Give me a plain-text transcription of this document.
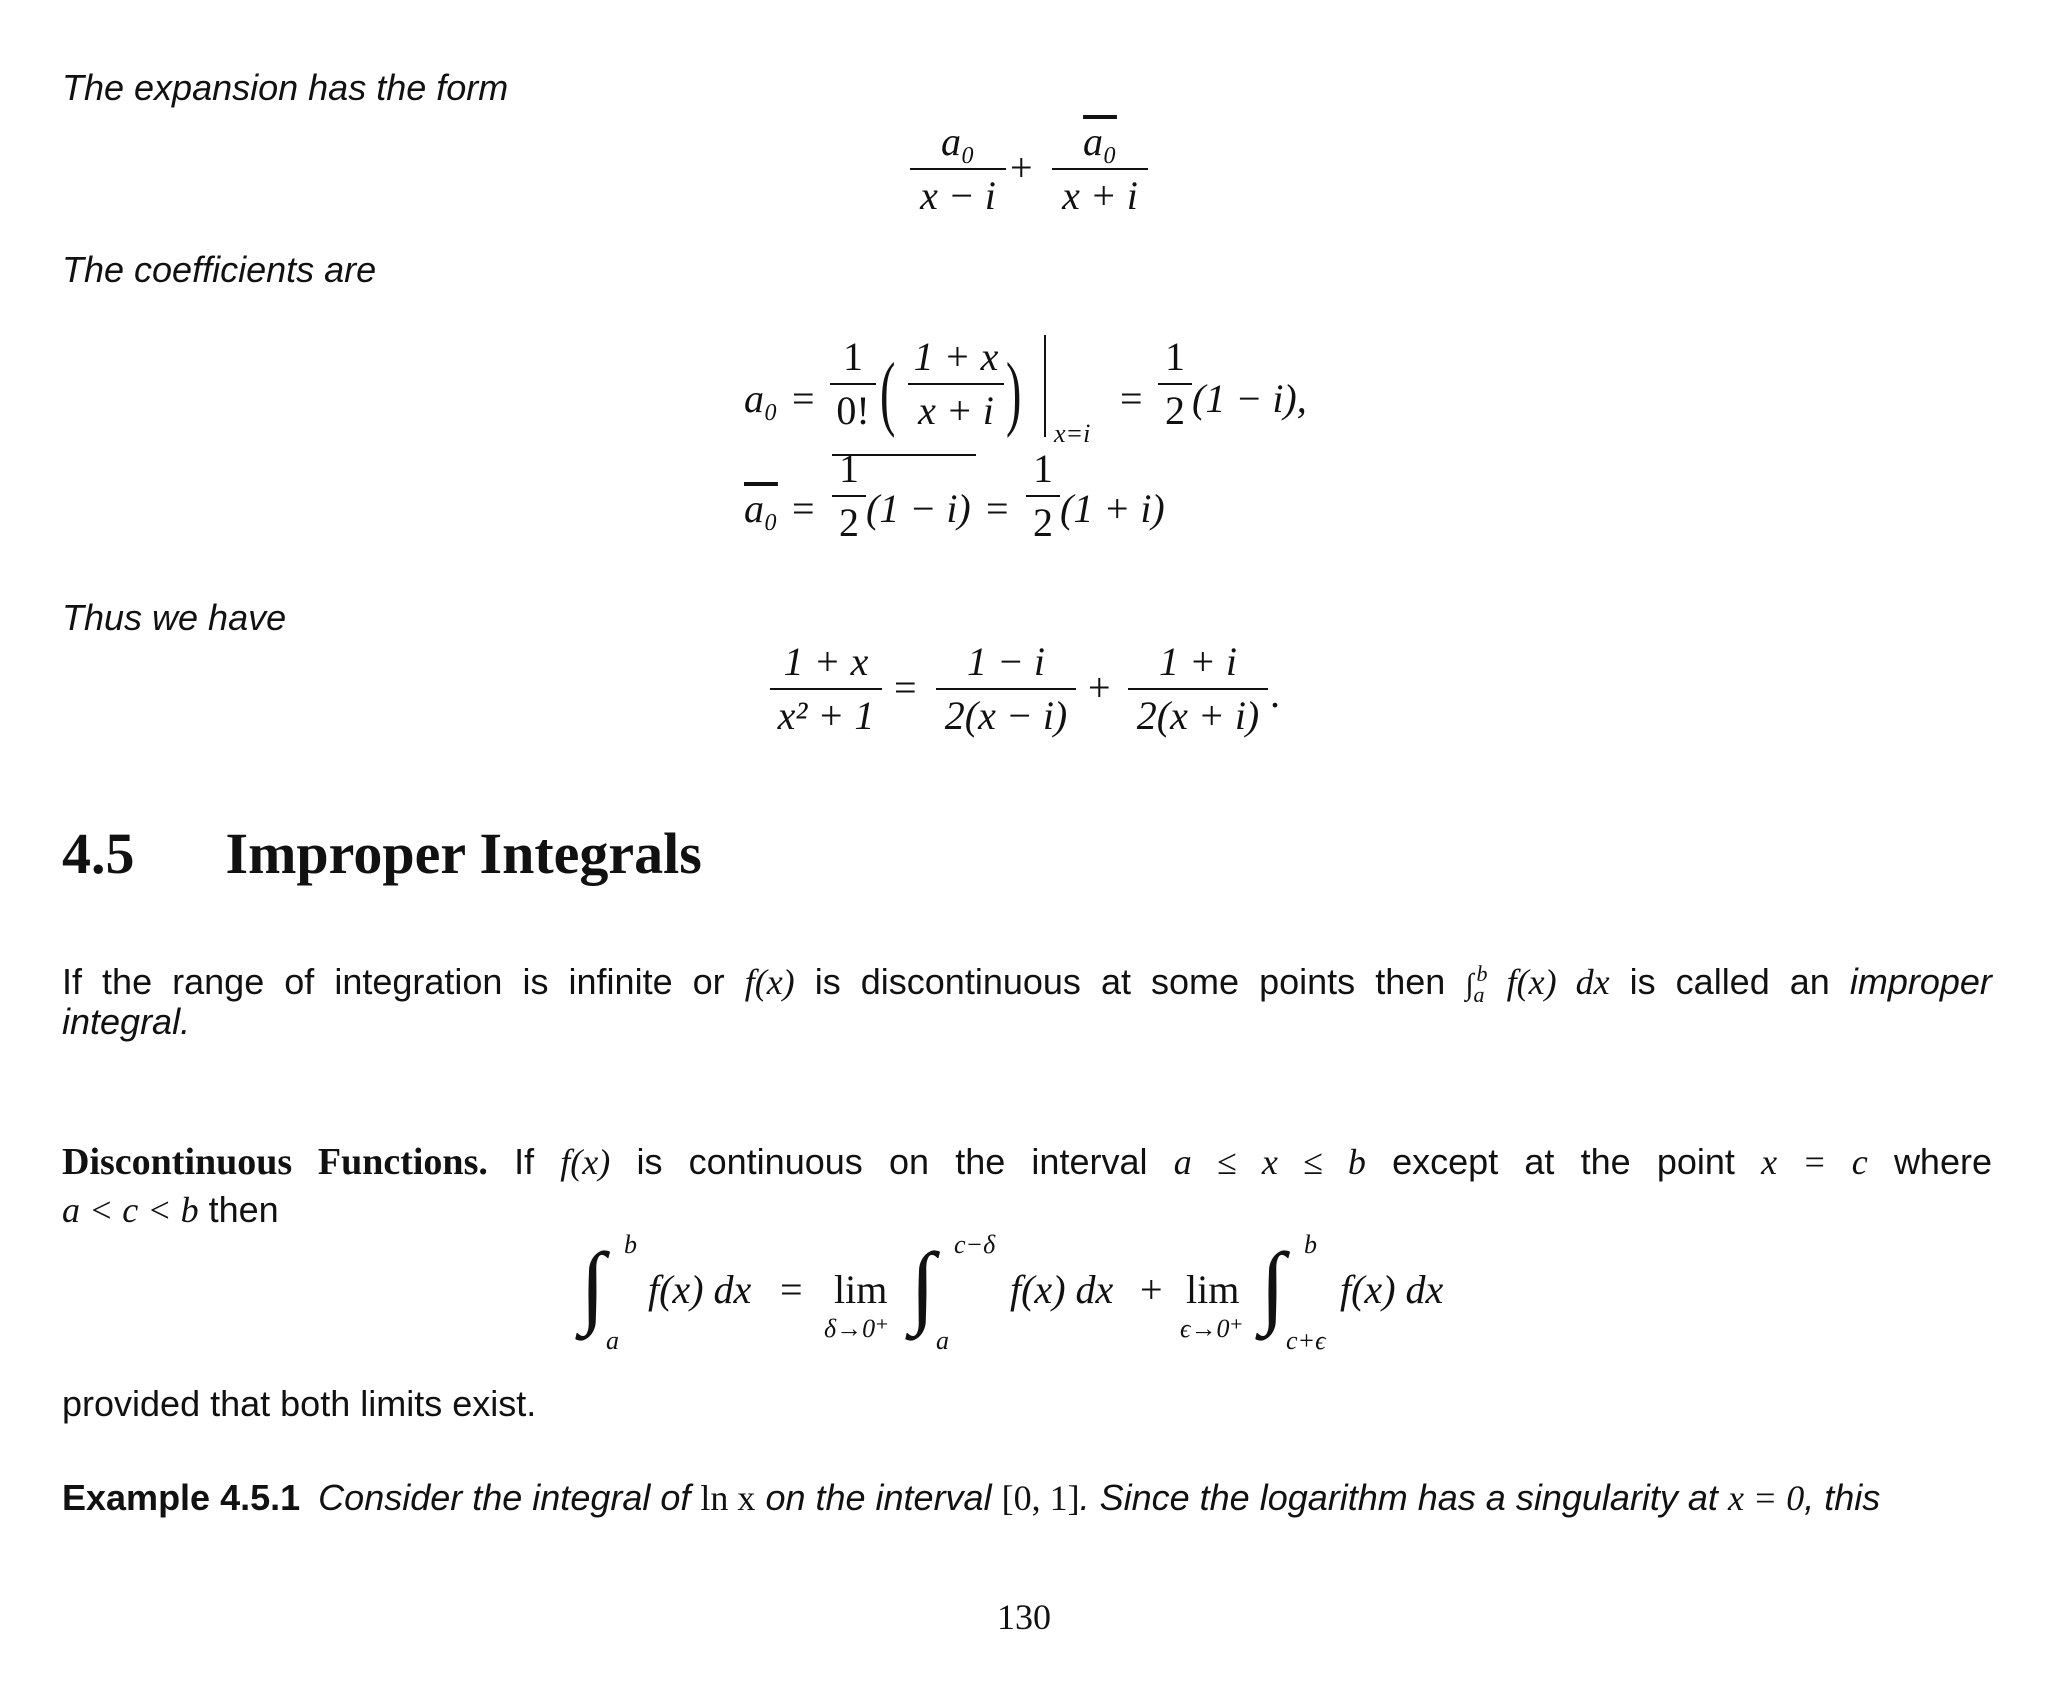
The expansion has the form
The coefficients are
Thus we have
a₀
x − i
+
a₀
x + i
a₀ =
1
0! ( 1 + x
x + i ) x=i
=
1
2 (1 − i),
a₀ =
1
2 (1 − i) =
1
2 (1 + i)
1 + x
x² + 1
=
1 − i
2(x − i)
+
1 + i
2(x + i) .
4.5 Improper Integrals
If the range of integration is infinite or f(x) is discontinuous at some points then $\int_a^b$ f(x) dx is called an improper
integral.
Discontinuous Functions. If f(x) is continuous on the interval a ≤ x ≤ b except at the point x = c where
a < c < b then
∫ b
a
f(x) dx = lim
δ→0⁺ ∫ c−δ
a
f(x) dx + lim
ϵ→0⁺ ∫ b
c+ϵ
f(x) dx
provided that both limits exist.
Example 4.5.1 Consider the integral of ln x on the interval [0, 1]. Since the logarithm has a singularity at x = 0, this
130
